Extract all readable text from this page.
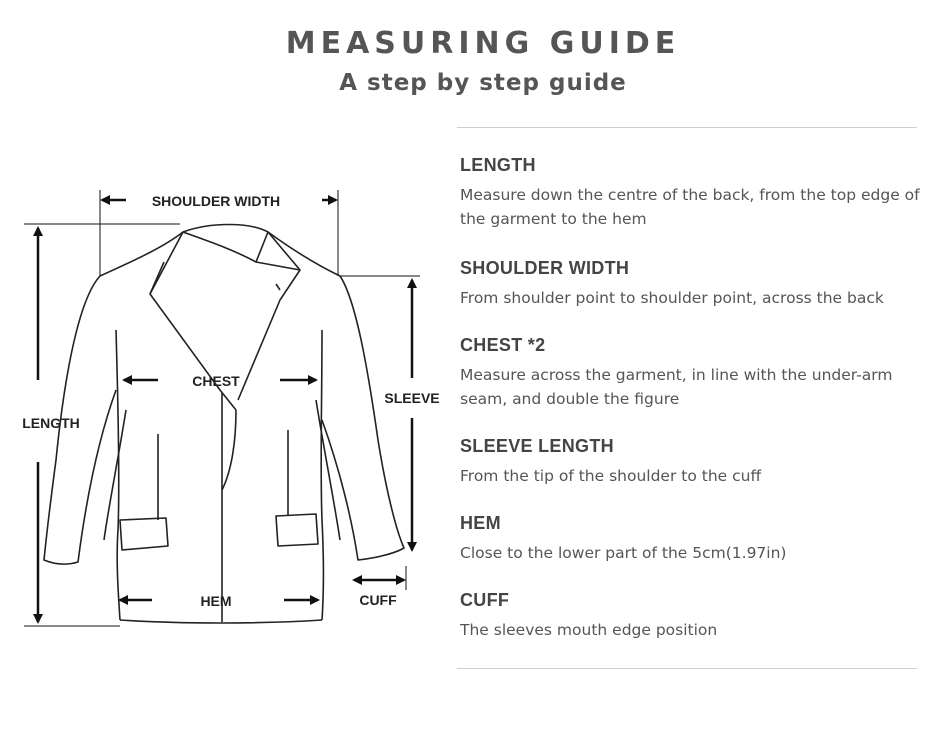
MEASURING GUIDE
A step by step guide
SHOULDER WIDTH
LENGTH
CHEST
SLEEVE
HEM	CUFF
LENGTH
Measure down the centre of the back, from the top edge of the garment to the hem
SHOULDER WIDTH
From shoulder point to shoulder point, across the back
CHEST *2
Measure across the garment, in line with the under-arm seam, and double the figure
SLEEVE LENGTH
From the tip of the shoulder to the cuff
HEM
Close to the lower part of the 5cm(1.97in)
CUFF
The sleeves mouth edge position
